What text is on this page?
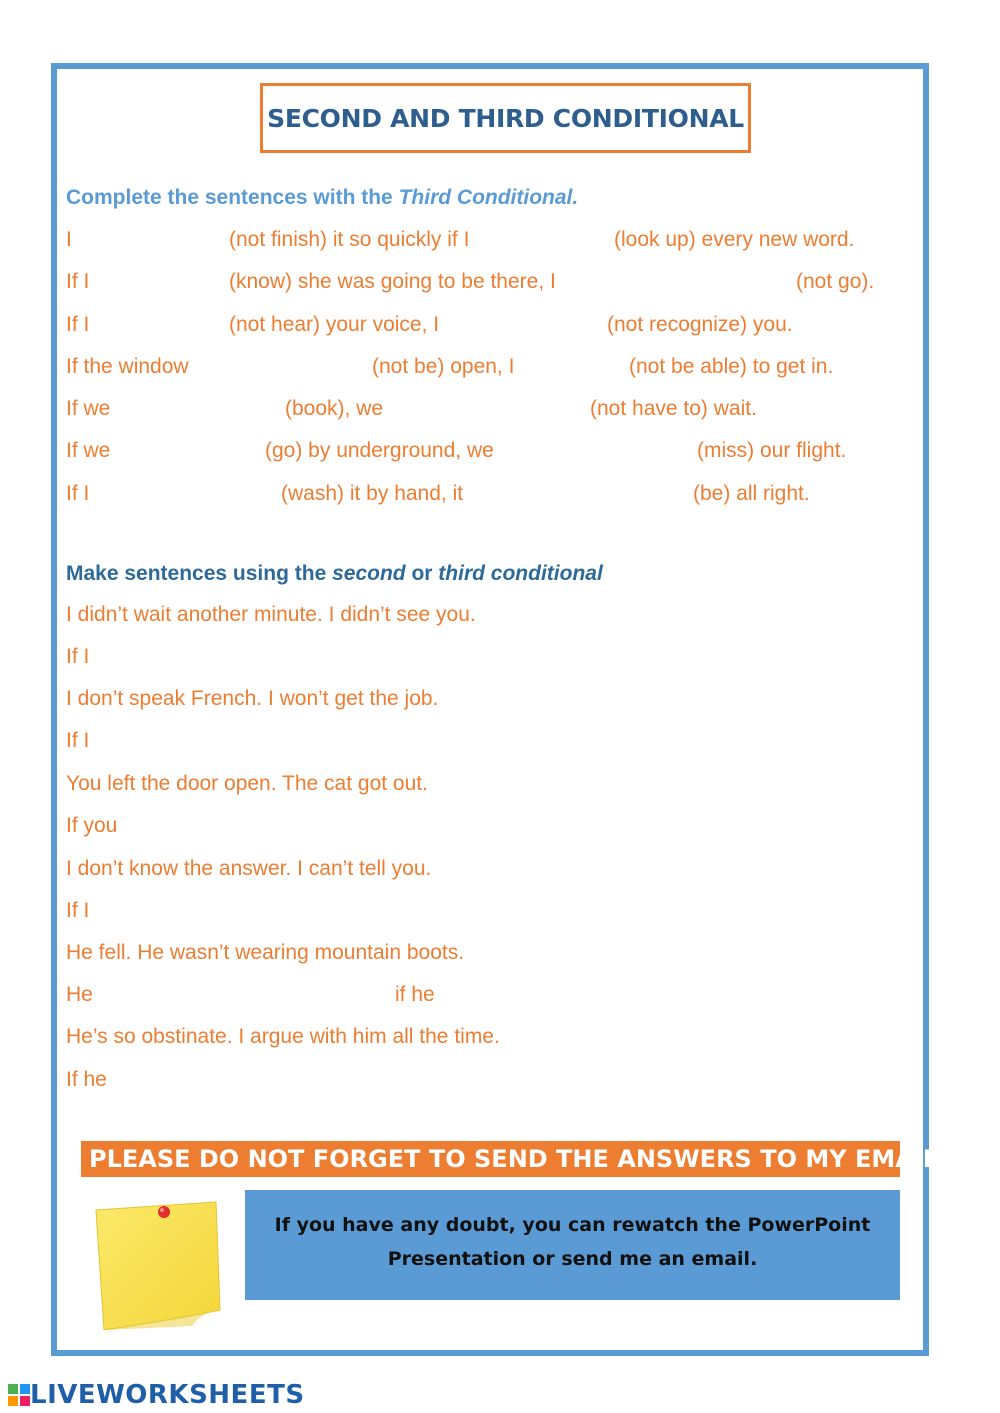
SECOND AND THIRD CONDITIONAL
Complete the sentences with the Third Conditional.
I	(not finish) it so quickly if I	(look up) every new word.
If I	(know) she was going to be there, I	(not go).
If I	(not hear) your voice, I	(not recognize) you.
If the window	(not be) open, I	(not be able) to get in.
If we	(book), we	(not have to) wait.
If we	(go) by underground, we	(miss) our flight.
If I	(wash) it by hand, it	(be) all right.
Make sentences using the second or third conditional
I didn’t wait another minute. I didn’t see you.
If I
I don’t speak French. I won’t get the job.
If I
You left the door open. The cat got out.
If you
I don’t know the answer. I can’t tell you.
If I
He fell. He wasn’t wearing mountain boots.
He	if he
He’s so obstinate. I argue with him all the time.
If he
PLEASE DO NOT FORGET TO SEND THE ANSWERS TO MY EMAIL!
If you have any doubt, you can rewatch the PowerPoint
Presentation or send me an email.
LIVEWORKSHEETS
